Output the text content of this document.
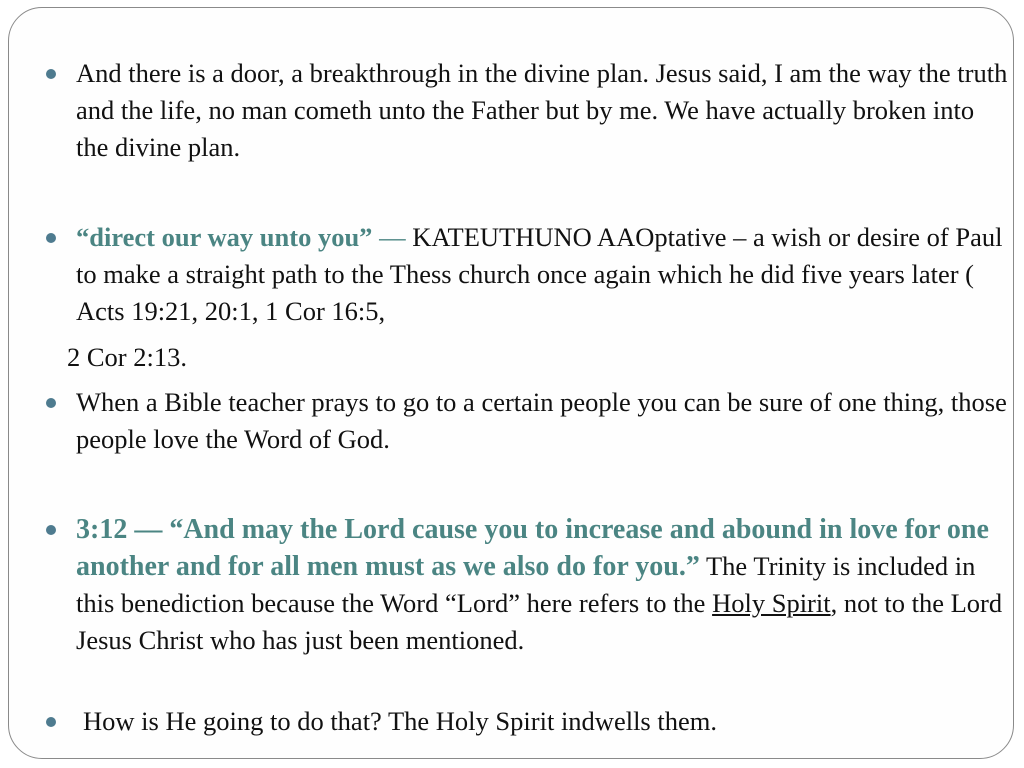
And there is a door, a breakthrough in the divine plan. Jesus said, I am the way the truth and the life, no man cometh unto the Father but by me. We have actually broken into the divine plan.

“direct our way unto you” — KATEUTHUNO AAOptative – a wish or desire of Paul to make a straight path to the Thess church once again which he did five years later ( Acts 19:21, 20:1, 1 Cor 16:5,

2 Cor 2:13.

When a Bible teacher prays to go to a certain people you can be sure of one thing, those people love the Word of God.

3:12 — “And may the Lord cause you to increase and abound in love for one another and for all men must as we also do for you.” The Trinity is included in this benediction because the Word “Lord” here refers to the Holy Spirit, not to the Lord Jesus Christ who has just been mentioned.

How is He going to do that? The Holy Spirit indwells them.
